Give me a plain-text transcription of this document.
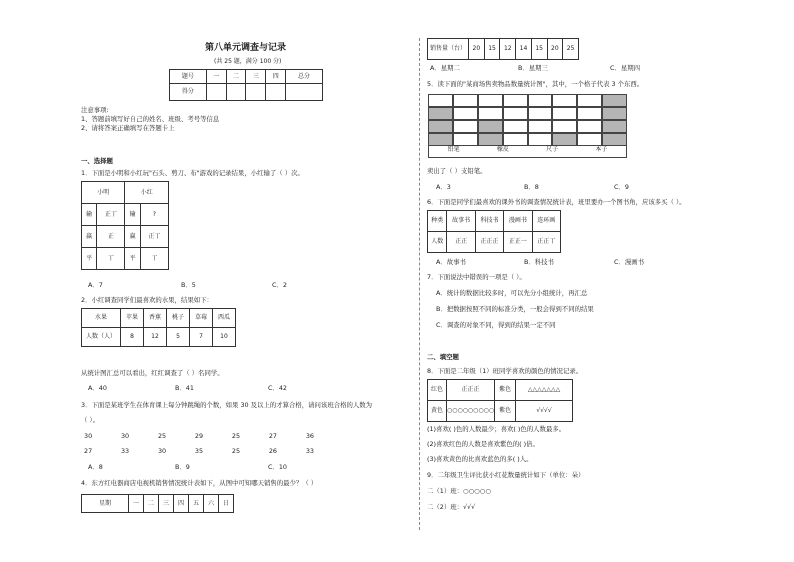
第八单元调查与记录
(共 25 题，满分 100 分)
题号	一	二	三	四	总分
得分					
注意事项:
1、答题前填写好自己的姓名、班级、考号等信息
2、请将答案正确填写在答题卡上
一、选择题
1．下面是小明和小红玩"石头、剪刀、布"游戏的记录结果，小红输了（ ）次。
小明		小红	
输	正丅	输	?
赢	正	赢	正丅
平	丅	平	丅
A．7	B．5	C．2
2．小红调查同学们最喜欢的水果，结果如下：
水果	苹果	香蕉	桃子	草莓	西瓜
人数（人）	8	12	5	7	10
从统计图汇总可以看出，红红调查了（ ）名同学。
A．40	B．41	C．42
3．下面是某班学生在体育课上每分钟跳绳的个数，如果 30 及以上的才算合格，请问该班合格的人数为
（ ）。
30	30	25	29	25	27	36
27	33	30	35	25	26	33
A．8	B．9	C．10
4．东方红电器商店电视机销售情况统计表如下，从图中可知哪天销售的最少？（ ）
星期	一	二	三	四	五	六	日
销售量（台）	20	15	12	14	15	20	25
A．星期二	B．星期三	C．星期四
5．读下面的"某商场售卖物品数量统计图"，其中，一个格子代表 3 个东西。
铅笔	橡皮	尺子	本子
卖出了（ ）支铅笔。
A．3	B．8	C．9
6．下面是同学们最喜欢的课外书的调查情况统计表，班里要办一个图书角，应该多买（ ）。
种类	故事书	科技书	漫画书	连环画
人数	正正	正正正	正正一	正正丅
A．故事书	B．科技书	C．漫画书
7．下面说法中错误的一项是（ ）。
A．统计的数据比较多时，可以先分小组统计，再汇总
B．把数据按照不同的标准分类，一般会得到不同的结果
C．调查的对象不同，得到的结果一定不同
二、填空题
8．下面是二年级（1）班同学喜欢的颜色的情况记录。
红色	正正正	紫色	△△△△△△△
黄色	○○○○○○○○○	紫色	√√√√
(1)喜欢( )色的人数最少；喜欢( )色的人数最多。
(2)喜欢红色的人数是喜欢紫色的( )倍。
(3)喜欢黄色的比喜欢蓝色的多( )人。
9．二年级卫生评比获小红花数量统计如下（单位：朵）
二（1）班：○○○○○
二（2）班：√√√
